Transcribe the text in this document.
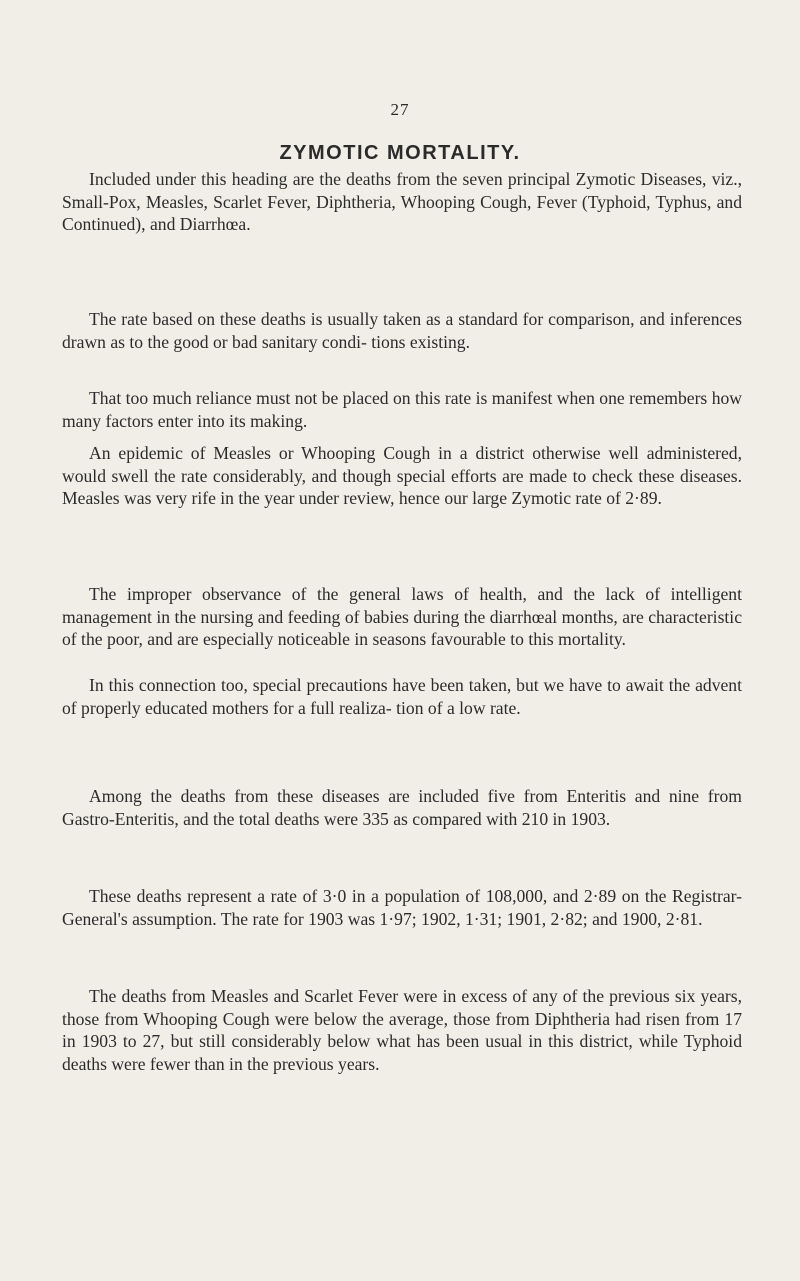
27
ZYMOTIC MORTALITY.

Included under this heading are the deaths from the seven principal Zymotic Diseases, viz., Small-Pox, Measles, Scarlet Fever, Diphtheria, Whooping Cough, Fever (Typhoid, Typhus, and Continued), and Diarrhœa.

The rate based on these deaths is usually taken as a standard for comparison, and inferences drawn as to the good or bad sanitary condi- tions existing.

That too much reliance must not be placed on this rate is manifest when one remembers how many factors enter into its making.

An epidemic of Measles or Whooping Cough in a district otherwise well administered, would swell the rate considerably, and though special efforts are made to check these diseases. Measles was very rife in the year under review, hence our large Zymotic rate of 2·89.

The improper observance of the general laws of health, and the lack of intelligent management in the nursing and feeding of babies during the diarrhœal months, are characteristic of the poor, and are especially noticeable in seasons favourable to this mortality.

In this connection too, special precautions have been taken, but we have to await the advent of properly educated mothers for a full realiza- tion of a low rate.

Among the deaths from these diseases are included five from Enteritis and nine from Gastro-Enteritis, and the total deaths were 335 as compared with 210 in 1903.

These deaths represent a rate of 3·0 in a population of 108,000, and 2·89 on the Registrar-General's assumption. The rate for 1903 was 1·97; 1902, 1·31; 1901, 2·82; and 1900, 2·81.

The deaths from Measles and Scarlet Fever were in excess of any of the previous six years, those from Whooping Cough were below the average, those from Diphtheria had risen from 17 in 1903 to 27, but still considerably below what has been usual in this district, while Typhoid deaths were fewer than in the previous years.
